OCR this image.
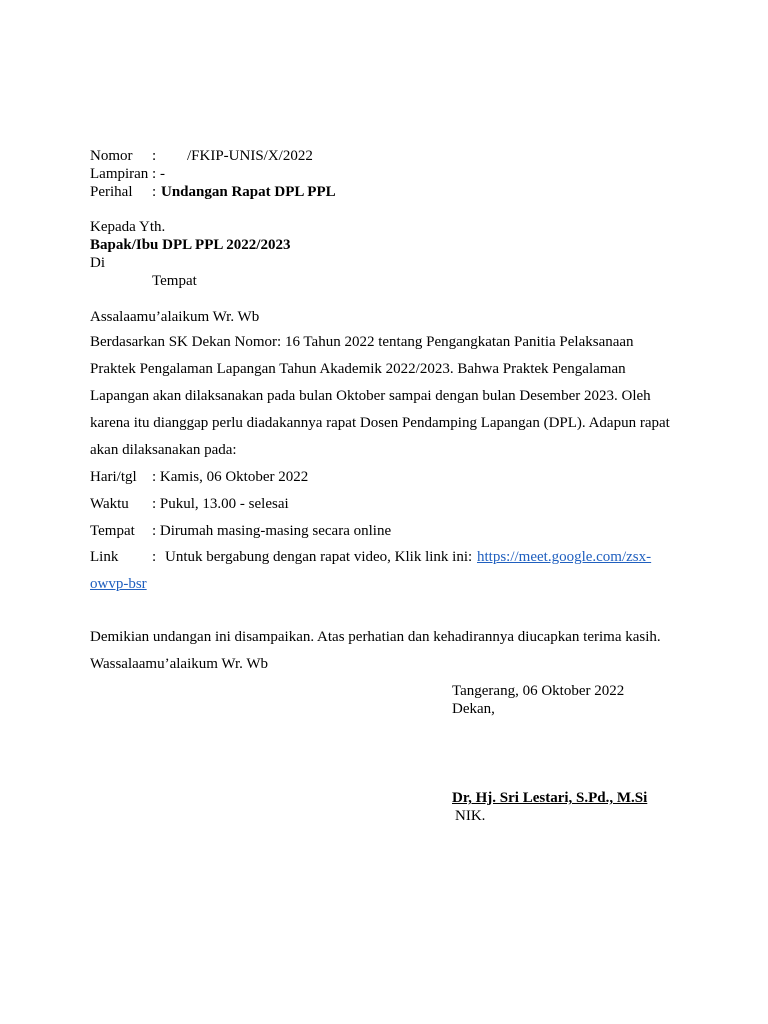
Nomor : /FKIP-UNIS/X/2022
Lampiran : -
Perihal : Undangan Rapat DPL PPL
Kepada Yth.
Bapak/Ibu DPL PPL 2022/2023
Di
Tempat
Assalaamu’alaikum Wr. Wb
Berdasarkan SK Dekan Nomor: 16 Tahun 2022 tentang Pengangkatan Panitia Pelaksanaan
Praktek Pengalaman Lapangan Tahun Akademik 2022/2023. Bahwa Praktek Pengalaman
Lapangan akan dilaksanakan pada bulan Oktober sampai dengan bulan Desember 2023. Oleh
karena itu dianggap perlu diadakannya rapat Dosen Pendamping Lapangan (DPL). Adapun rapat
akan dilaksanakan pada:
Hari/tgl : Kamis, 06 Oktober 2022
Waktu : Pukul, 13.00 - selesai
Tempat : Dirumah masing-masing secara online
Link : Untuk bergabung dengan rapat video, Klik link ini: https://meet.google.com/zsx-
owvp-bsr
Demikian undangan ini disampaikan. Atas perhatian dan kehadirannya diucapkan terima kasih.
Wassalaamu’alaikum Wr. Wb
Tangerang, 06 Oktober 2022
Dekan,
Dr, Hj. Sri Lestari, S.Pd., M.Si
NIK.
